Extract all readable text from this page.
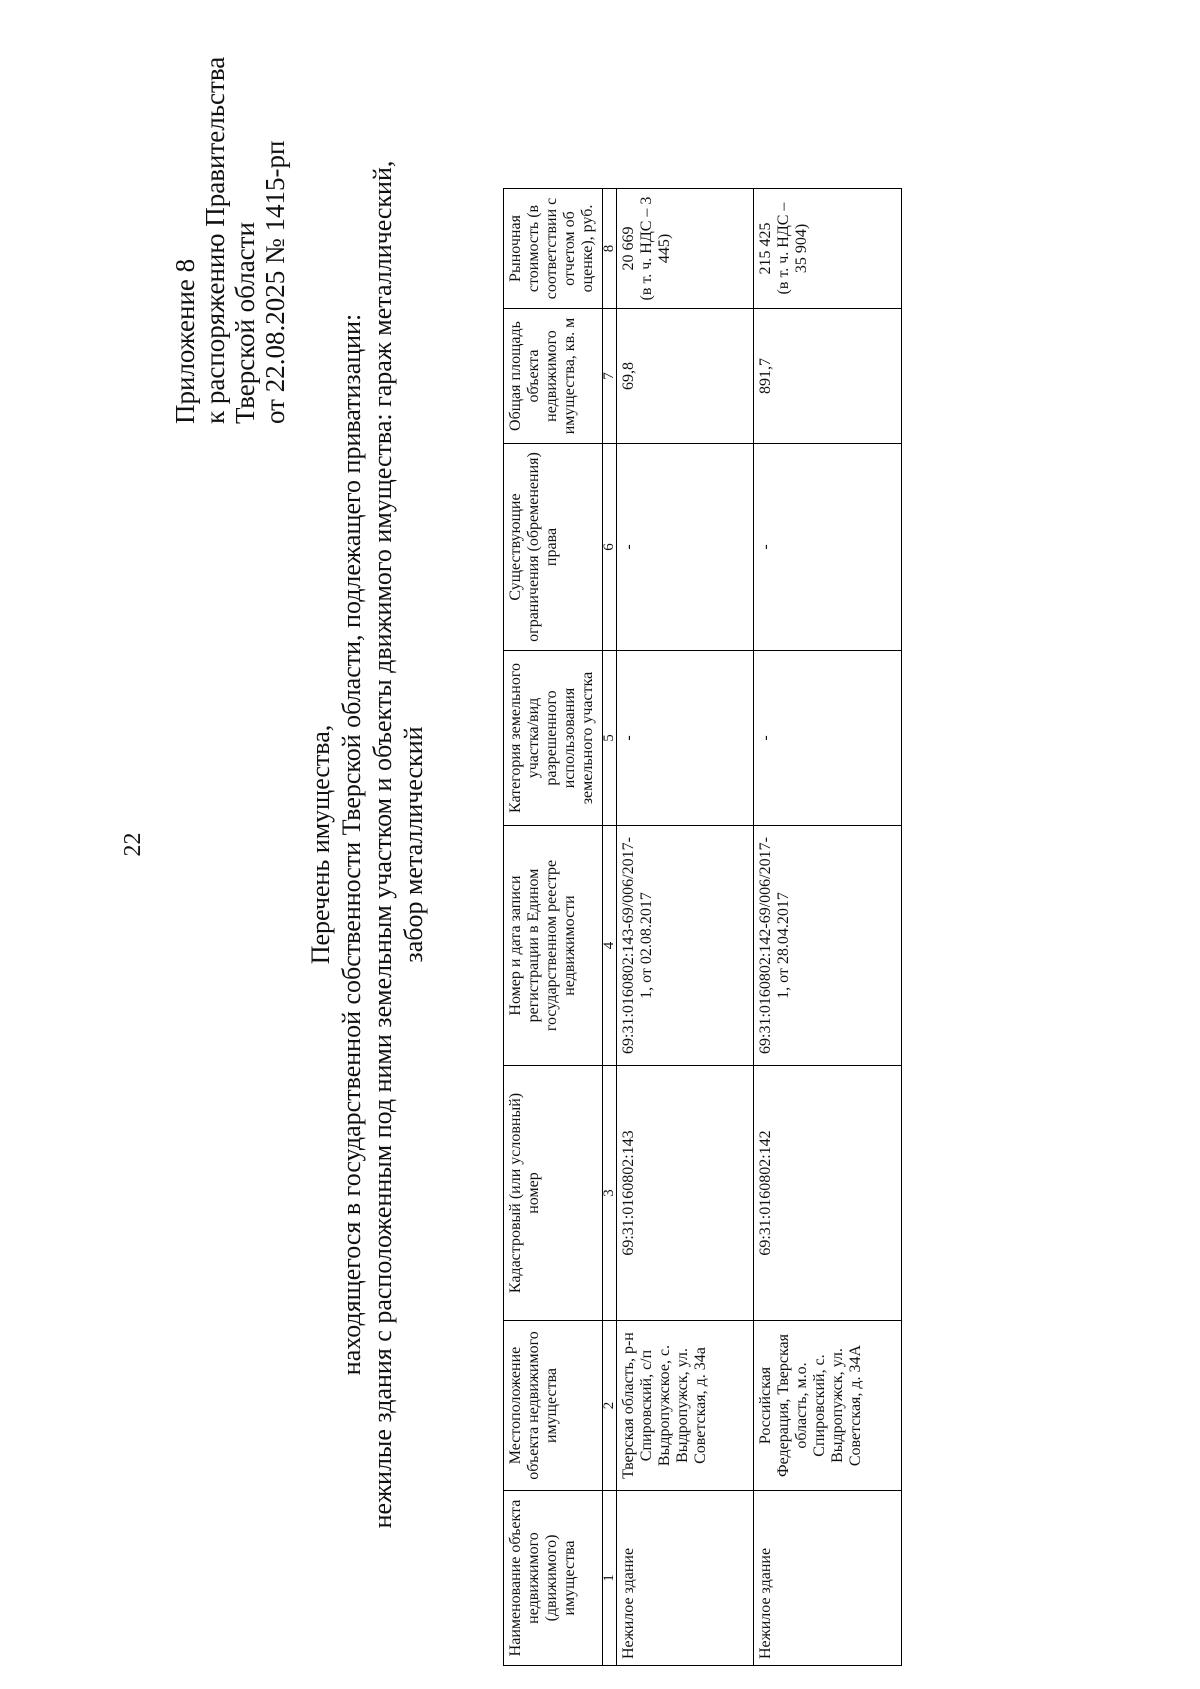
22
Приложение 8 к распоряжению Правительства Тверской области от 22.08.2025 № 1415-рп
Перечень имущества, находящегося в государственной собственности Тверской области, подлежащего приватизации: нежилые здания с расположенным под ними земельным участком и объекты движимого имущества: гараж металлический, забор металлический
Наименование объекта недвижимого (движимого) имущества	Местоположение объекта недвижимого имущества	Кадастровый (или условный) номер	Номер и дата записи регистрации в Едином государственном реестре недвижимости	Категория земельного участка/вид разрешенного использования земельного участка	Существующие ограничения (обременения) права	Общая площадь объекта недвижимого имущества, кв. м	Рыночная стоимость (в соответствии с отчетом об оценке), руб.
1	2	3	4	5	6	7	8
Нежилое здание	Тверская область, р-н Спировский, с/п Выдропужское, с. Выдропужск, ул. Советская, д. 34а	69:31:0160802:143	69:31:0160802:143-69/006/2017-1, от 02.08.2017	-	-	69,8	20 669 (в т. ч. НДС – 3 445)

Нежилое здание	Российская Федерация, Тверская область, м.о. Спировский, с. Выдропужск, ул. Советская, д. 34А	69:31:0160802:142	69:31:0160802:142-69/006/2017-1, от 28.04.2017	-	-	891,7	215 425 (в т. ч. НДС – 35 904)
